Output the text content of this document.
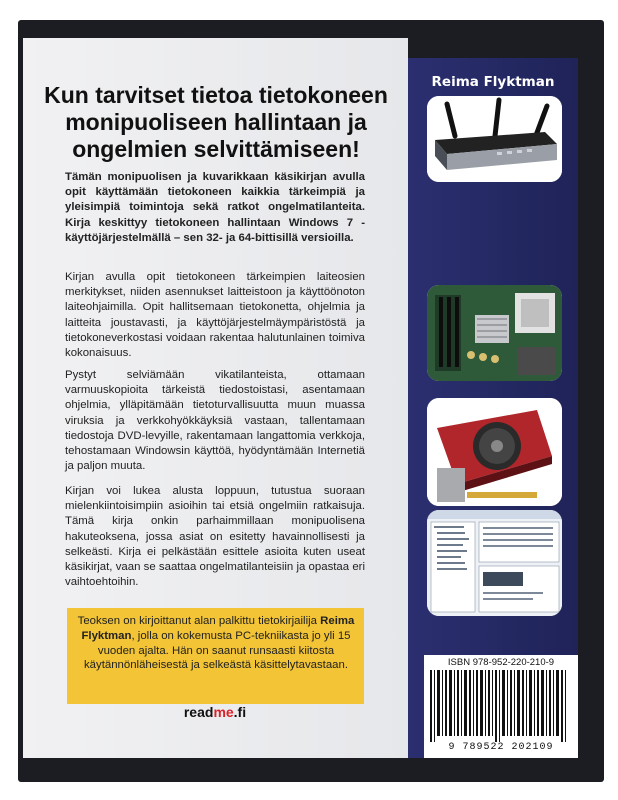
Kun tarvitset tietoa tietokoneen
monipuoliseen hallintaan ja
ongelmien selvittämiseen!

Tämän monipuolisen ja kuvarikkaan käsikirjan avulla opit käyttämään tietokoneen kaikkia tärkeimpiä ja yleisimpiä toimintoja sekä ratkot ongelmatilanteita. Kirja keskittyy tietokoneen hallintaan Windows 7 -käyttöjärjestelmällä – sen 32- ja 64-bittisillä versioilla.

Kirjan avulla opit tietokoneen tärkeimpien laiteosien merkitykset, niiden asennukset laitteistoon ja käyttöönoton laiteohjaimilla. Opit hallitsemaan tietokonetta, ohjelmia ja laitteita joustavasti, ja käyttöjärjestelmäympäristöstä ja tietokoneverkostasi voidaan rakentaa halutunlainen toimiva kokonaisuus.

Pystyt selviämään vikatilanteista, ottamaan varmuuskopioita tärkeistä tiedostoistasi, asentamaan ohjelmia, ylläpitämään tietoturvallisuutta muun muassa viruksia ja verkkohyökkäyksiä vastaan, tallentamaan tiedostoja DVD-levyille, rakentamaan langattomia verkkoja, tehostamaan Windowsin käyttöä, hyödyntämään Internetiä ja paljon muuta.

Kirjan voi lukea alusta loppuun, tutustua suoraan mielenkiintoisimpiin asioihin tai etsiä ongelmiin ratkaisuja. Tämä kirja onkin parhaimmillaan monipuolisena hakuteoksena, jossa asiat on esitetty havainnollisesti ja selkeästi. Kirja ei pelkästään esittele asioita kuten useat käsikirjat, vaan se saattaa ongelmatilanteisiin ja opastaa eri vaihtoehtoihin.

Teoksen on kirjoittanut alan palkittu tietokirjailija Reima Flyktman, jolla on kokemusta PC-tekniikasta jo yli 15 vuoden ajalta. Hän on saanut runsaasti kiitosta käytännönläheisestä ja selkeästä käsittelytavastaan.
readme.fi
Reima Flyktman
ISBN 978-952-220-210-9
9 789522 202109
